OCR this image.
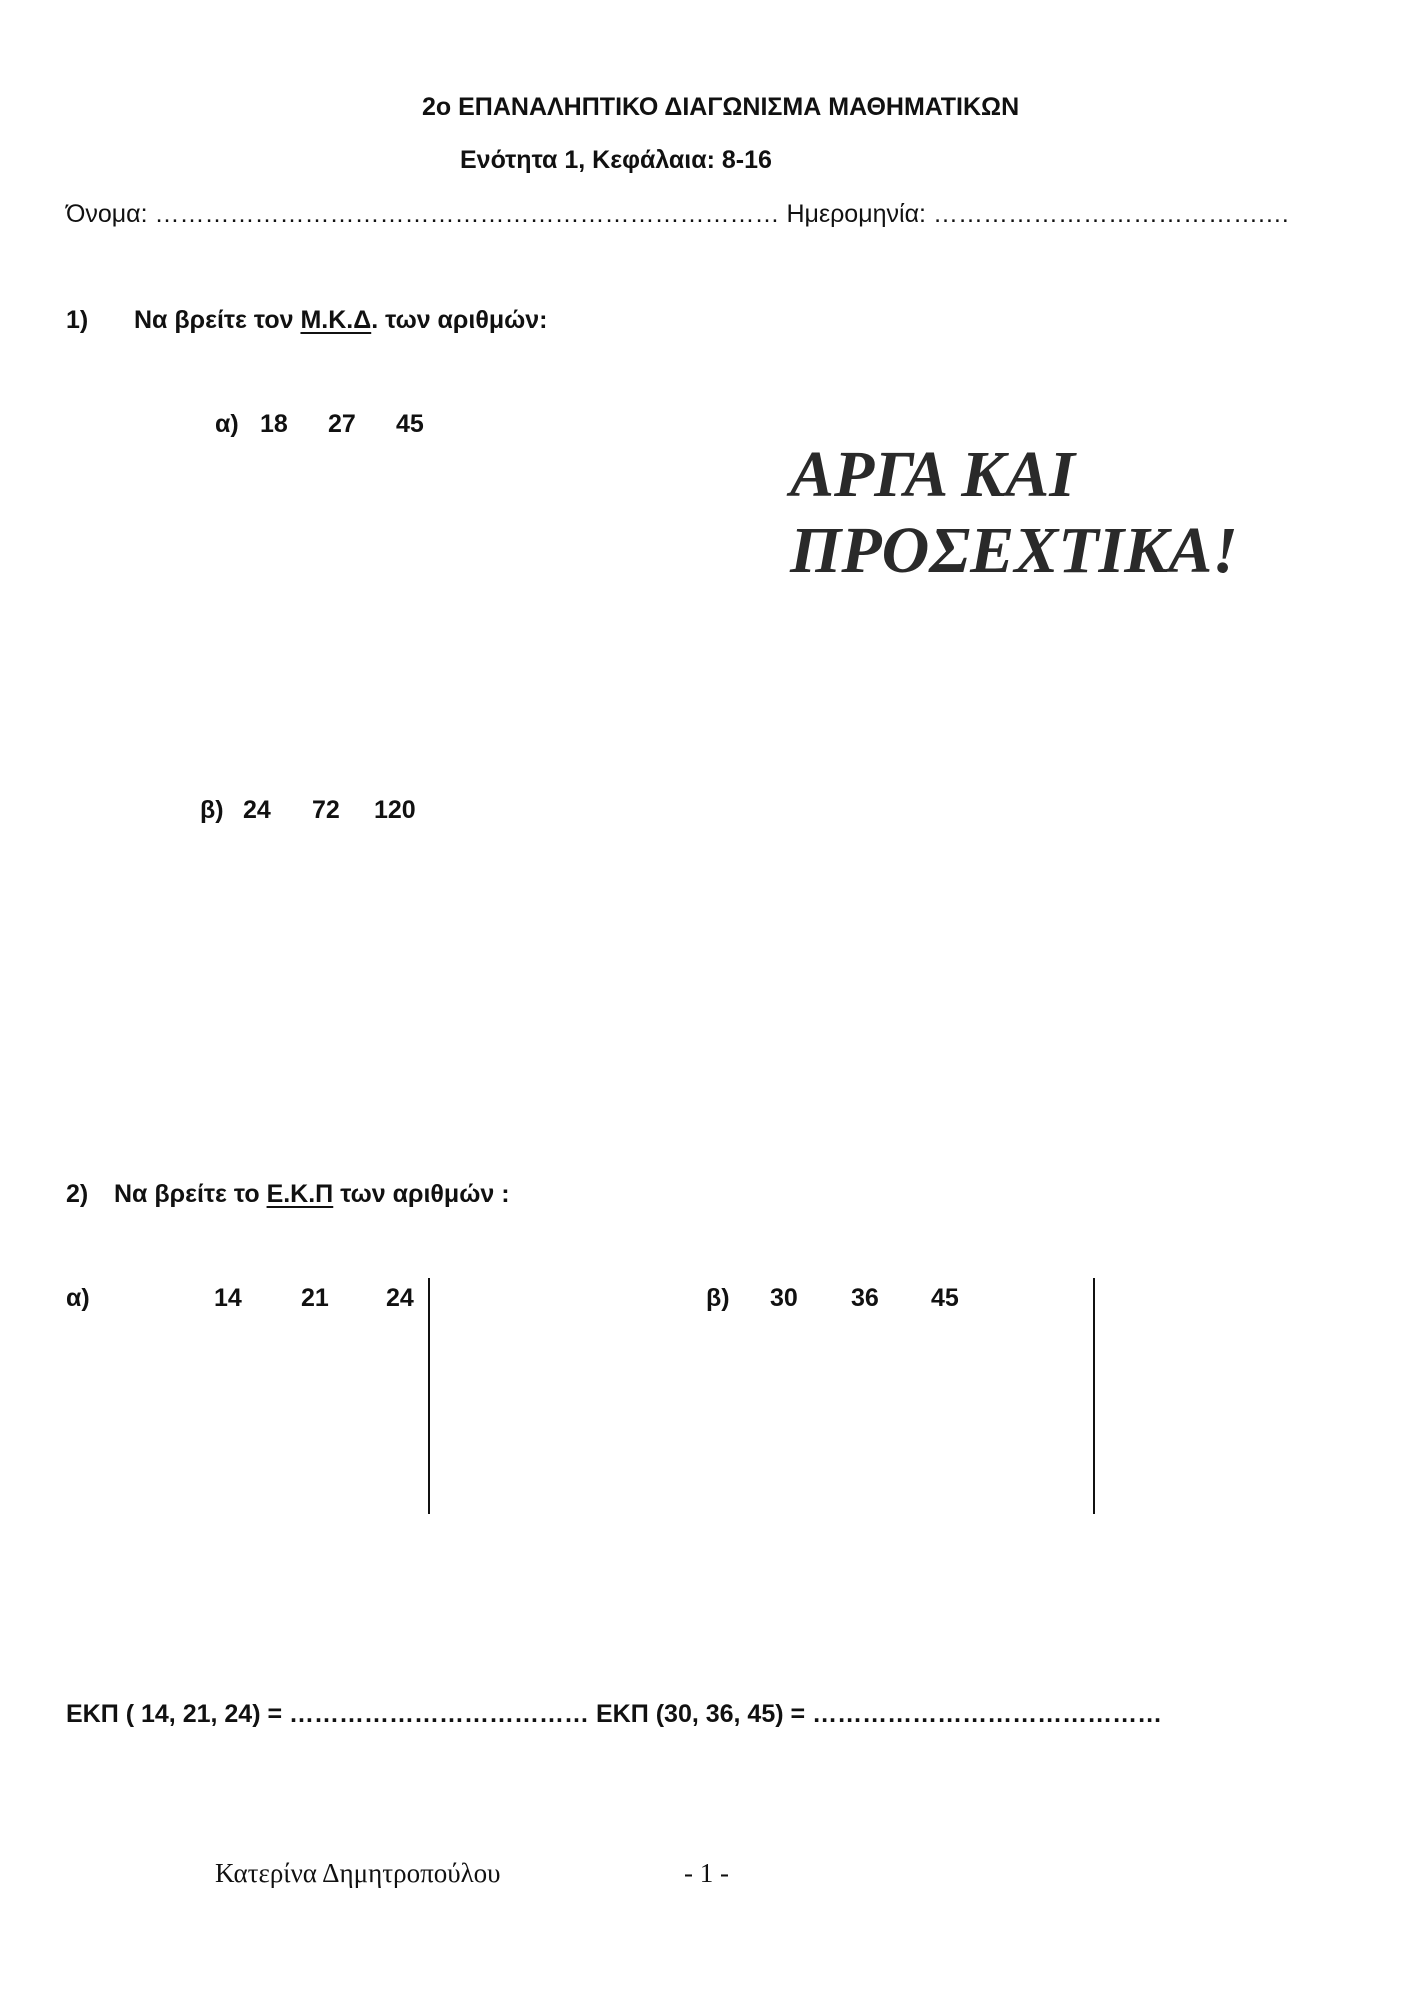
2ο ΕΠΑΝΑΛΗΠΤΙΚΟ ΔΙΑΓΩΝΙΣΜΑ ΜΑΘΗΜΑΤΙΚΩΝ
Ενότητα 1, Κεφάλαια: 8-16
Όνομα: ………………………………………………………………… Ημερομηνία: ………………………………….…
1) Να βρείτε τον Μ.Κ.Δ. των αριθμών:
α) 18 27 45
ΑΡΓΑ ΚΑΙ
ΠΡΟΣΕΧΤΙΚΑ!
β) 24 72 120
2) Να βρείτε το Ε.Κ.Π των αριθμών :
α)	14 21 24	β) 30 36 45
ΕΚΠ ( 14, 21, 24) = ……………………………… ΕΚΠ (30, 36, 45) = ……………………………………
Κατερίνα Δημητροπούλου	- 1 -
